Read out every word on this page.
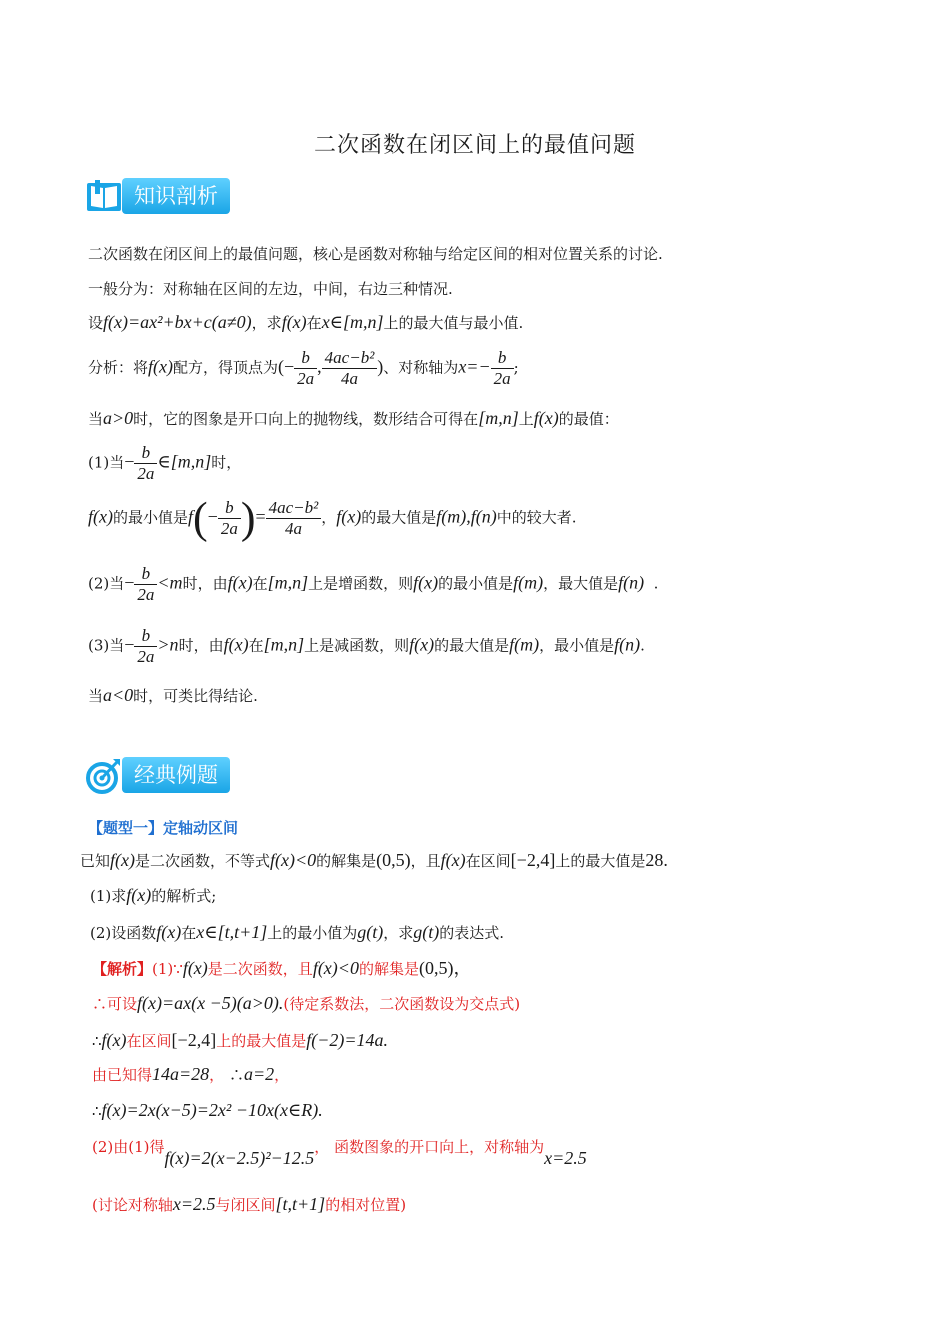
二次函数在闭区间上的最值问题
知识剖析
二次函数在闭区间上的最值问题，核心是函数对称轴与给定区间的相对位置关系的讨论.
一般分为：对称轴在区间的左边，中间，右边三种情况.
设f(x)=ax²+bx+c(a≠0)，求f(x)在x∈[m,n]上的最大值与最小值.
分析：将f(x)配方，得顶点为(− $\frac{b}{2a}$ , $\frac{\text{4ac−b²}}{4a}$ )、对称轴为$x=- \frac{b}{2a}$ ;
当a>0时，它的图象是开口向上的抛物线，数形结合可得在[m,n]上f(x)的最值：
(1)当− $\frac{b}{2a}$ ∈[m,n]时，
f(x)的最小值是$f(- \frac{b}{2a}$ )= $\frac{\text{4ac−b²}}{4a}$ ，f(x)的最大值是f(m),f(n)中的较大者.
(2)当− $\frac{b}{2a} <m$时，由f(x)在[m,n]上是增函数，则f(x)的最小值是f(m)，最大值是f(n)  .
(3)当− $\frac{b}{2a} >n$时，由f(x)在[m,n]上是减函数，则f(x)的最大值是f(m)，最小值是f(n).
当a<0时，可类比得结论.
经典例题
【题型一】定轴动区间
已知f(x)是二次函数，不等式f(x)<0的解集是(0,5)，且f(x)在区间[−2,4]上的最大值是28.
(1)求f(x)的解析式;
(2)设函数f(x)在x∈[t,t+1]上的最小值为g(t)，求g(t)的表达式.
【解析】(1)∵f(x)是二次函数，且f(x)<0的解集是(0,5)，
∴可设f(x)=ax(x −5)(a>0).(待定系数法，二次函数设为交点式)
∴f(x)在区间[−2,4]上的最大值是f(−2)=14a.
由已知得14a=28， ∴a=2，
∴f(x)=2x(x−5)=2x² −10x(x∈R).
(2)由(1)得f(x)=2(x−2.5)²−12.5， 函数图象的开口向上，对称轴为x=2.5
(讨论对称轴x=2.5与闭区间[t,t+1]的相对位置)
